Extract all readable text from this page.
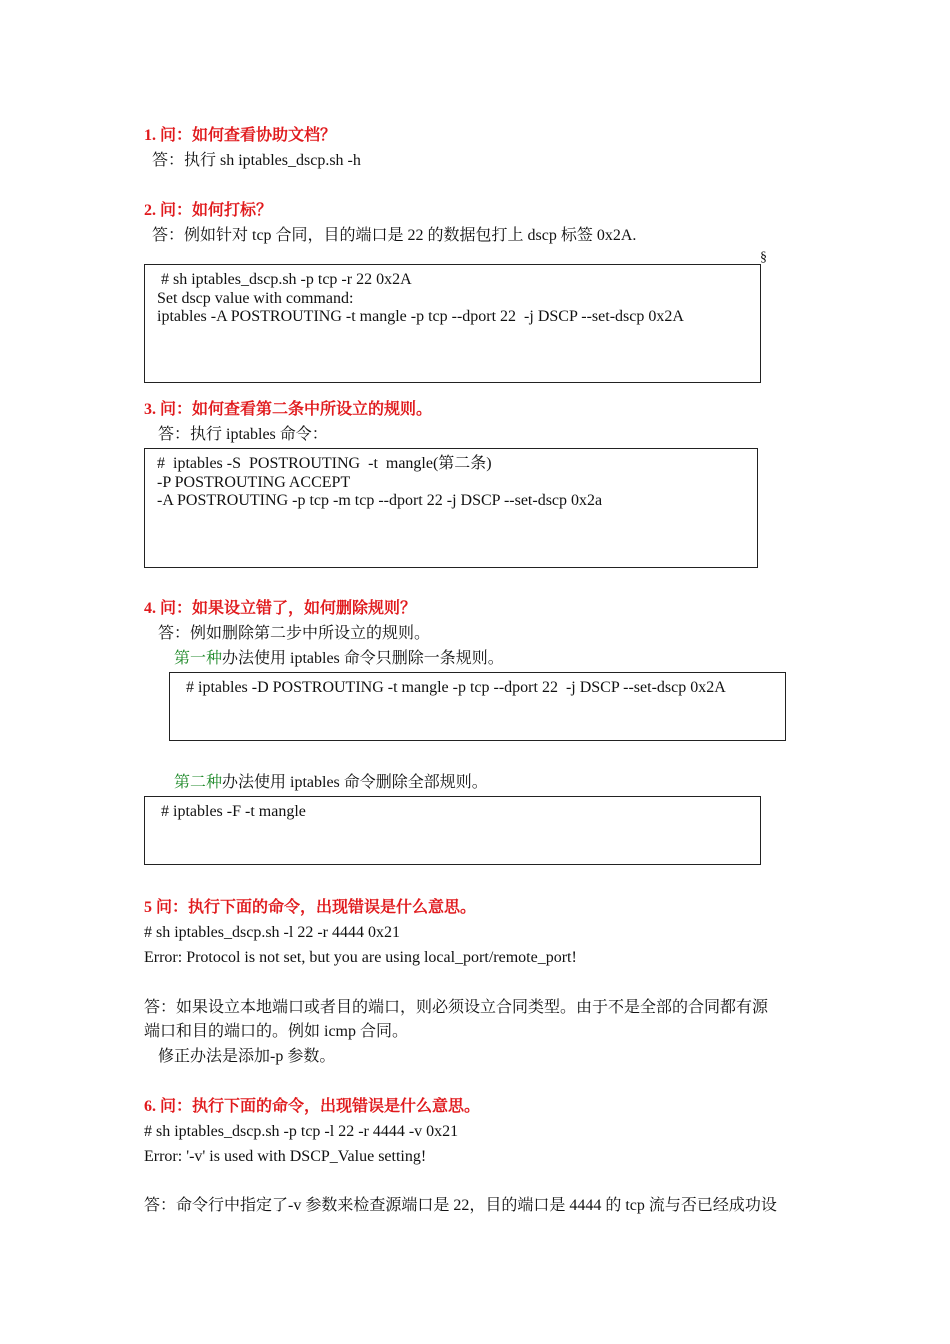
1. 问：如何查看协助文档？
答：执行 sh iptables_dscp.sh -h
2. 问：如何打标？
答：例如针对 tcp 合同，目的端口是 22 的数据包打上 dscp 标签 0x2A.
§
# sh iptables_dscp.sh -p tcp -r 22 0x2A
Set dscp value with command:
iptables -A POSTROUTING -t mangle -p tcp --dport 22  -j DSCP --set-dscp 0x2A
3. 问：如何查看第二条中所设立的规则。
答：执行 iptables 命令：
#  iptables -S  POSTROUTING  -t  mangle(第二条)
-P POSTROUTING ACCEPT
-A POSTROUTING -p tcp -m tcp --dport 22 -j DSCP --set-dscp 0x2a
4. 问：如果设立错了，如何删除规则？
答：例如删除第二步中所设立的规则。
第一种办法使用 iptables 命令只删除一条规则。
# iptables -D POSTROUTING -t mangle -p tcp --dport 22  -j DSCP --set-dscp 0x2A
第二种办法使用 iptables 命令删除全部规则。
# iptables -F -t mangle
5 问：执行下面的命令，出现错误是什么意思。
# sh iptables_dscp.sh -l 22 -r 4444 0x21
Error: Protocol is not set, but you are using local_port/remote_port!
答：如果设立本地端口或者目的端口，则必须设立合同类型。由于不是全部的合同都有源
端口和目的端口的。例如 icmp 合同。
修正办法是添加-p 参数。
6. 问：执行下面的命令，出现错误是什么意思。
# sh iptables_dscp.sh -p tcp -l 22 -r 4444 -v 0x21
Error: '-v' is used with DSCP_Value setting!
答：命令行中指定了-v 参数来检查源端口是 22，目的端口是 4444 的 tcp 流与否已经成功设
